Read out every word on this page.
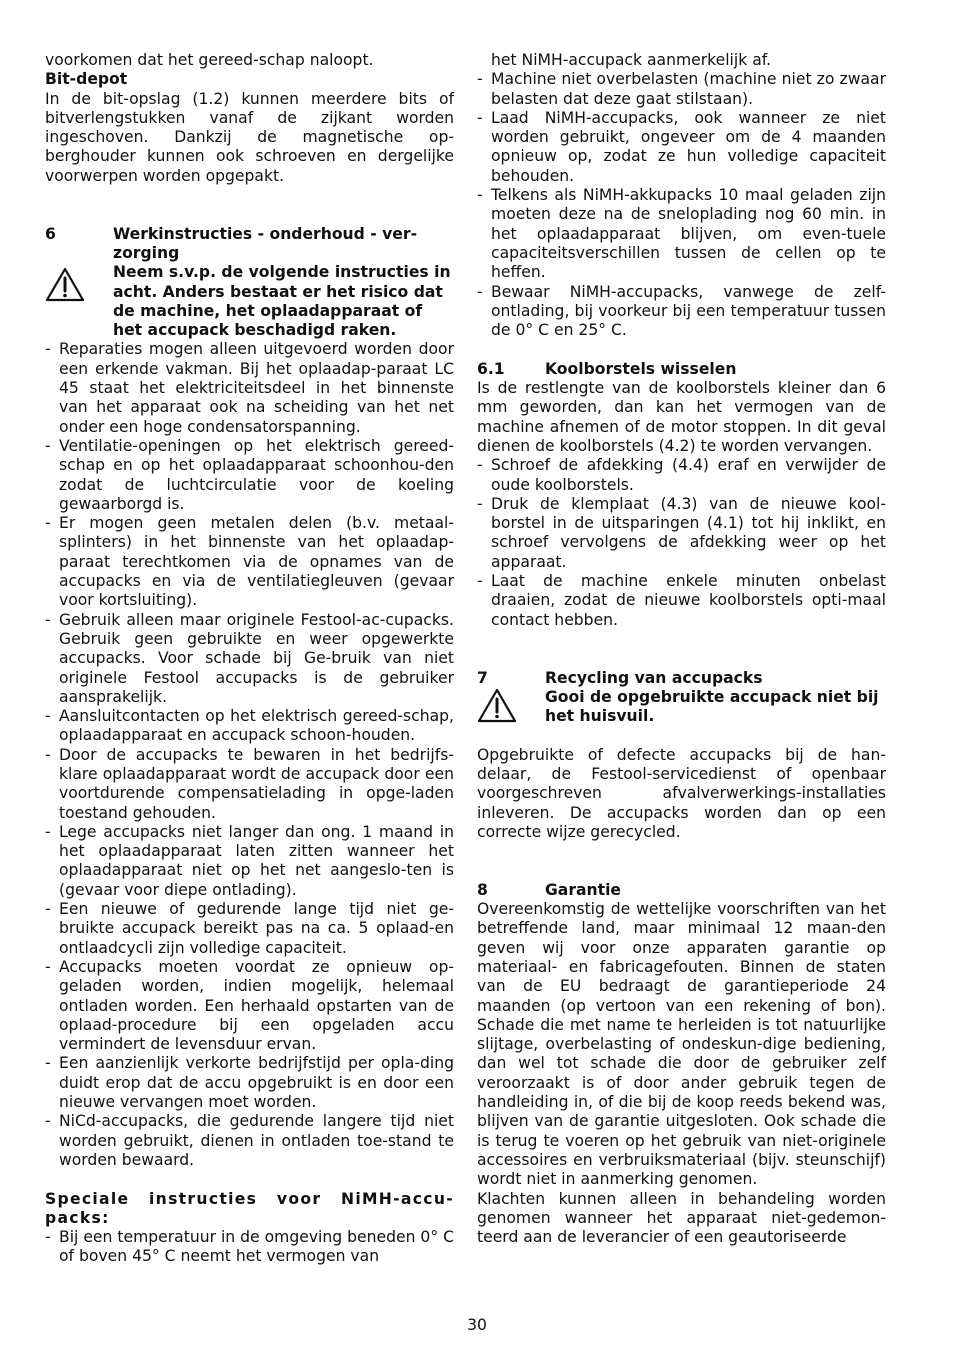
voorkomen dat het gereed-schap naloopt.

Bit-depot

In de bit-opslag (1.2) kunnen meerdere bits of bitverlengstukken vanaf de zijkant worden ingeschoven. Dankzij de magnetische op-berghouder kunnen ook schroeven en dergelijke voorwerpen worden opgepakt.

6	Werkinstructies - onderhoud - ver-zorging
Neem s.v.p. de volgende instructies in acht. Anders bestaat er het risico dat de machine, het oplaadapparaat of het accupack beschadigd raken.
- Reparaties mogen alleen uitgevoerd worden door een erkende vakman. Bij het oplaadap-paraat LC 45 staat het elektriciteitsdeel in het binnenste van het apparaat ook na scheiding van het net onder een hoge condensatorspanning.
- Ventilatie-openingen op het elektrisch gereed-schap en op het oplaadapparaat schoonhou-den zodat de luchtcirculatie voor de koeling gewaarborgd is.
- Er mogen geen metalen delen (b.v. metaal-splinters) in het binnenste van het oplaadap-paraat terechtkomen via de opnames van de accupacks en via de ventilatiegleuven (gevaar voor kortsluiting).
- Gebruik alleen maar originele Festool-ac-cupacks. Gebruik geen gebruikte en weer opgewerkte accupacks. Voor schade bij Ge-bruik van niet originele Festool accupacks is de gebruiker aansprakelijk.
- Aansluitcontacten op het elektrisch gereed-schap, oplaadapparaat en accupack schoon-houden.
- Door de accupacks te bewaren in het bedrijfs-klare oplaadapparaat wordt de accupack door een voortdurende compensatielading in opge-laden toestand gehouden.
- Lege accupacks niet langer dan ong. 1 maand in het oplaadapparaat laten zitten wanneer het oplaadapparaat niet op het net aangeslo-ten is (gevaar voor diepe ontlading).
- Een nieuwe of gedurende lange tijd niet ge-bruikte accupack bereikt pas na ca. 5 oplaad-en ontlaadcycli zijn volledige capaciteit.
- Accupacks moeten voordat ze opnieuw op-geladen worden, indien mogelijk, helemaal ontladen worden. Een herhaald opstarten van de oplaad-procedure bij een opgeladen accu vermindert de levensduur ervan.
- Een aanzienlijk verkorte bedrijfstijd per opla-ding duidt erop dat de accu opgebruikt is en door een nieuwe vervangen moet worden.
- NiCd-accupacks, die gedurende langere tijd niet worden gebruikt, dienen in ontladen toe-stand te worden bewaard.

Speciale instructies voor NiMH-accu-packs:

- Bij een temperatuur in de omgeving beneden 0° C of boven 45° C neemt het vermogen van

het NiMH-accupack aanmerkelijk af.

- Machine niet overbelasten (machine niet zo zwaar belasten dat deze gaat stilstaan).
- Laad NiMH-accupacks, ook wanneer ze niet worden gebruikt, ongeveer om de 4 maanden opnieuw op, zodat ze hun volledige capaciteit behouden.
- Telkens als NiMH-akkupacks 10 maal geladen zijn moeten deze na de sneloplading nog 60 min. in het oplaadapparaat blijven, om even-tuele capaciteitsverschillen tussen de cellen op te heffen.
- Bewaar NiMH-accupacks, vanwege de zelf-ontlading, bij voorkeur bij een temperatuur tussen de 0° C en 25° C.
6.1	Koolborstels wisselen

Is de restlengte van de koolborstels kleiner dan 6 mm geworden, dan kan het vermogen van de machine afnemen of de motor stoppen. In dit geval dienen de koolborstels (4.2) te worden vervangen.

- Schroef de afdekking (4.4) eraf en verwijder de oude koolborstels.
- Druk de klemplaat (4.3) van de nieuwe kool-borstel in de uitsparingen (4.1) tot hij inklikt, en schroef vervolgens de afdekking weer op het apparaat.
- Laat de machine enkele minuten onbelast draaien, zodat de nieuwe koolborstels opti-maal contact hebben.
7	Recycling van accupacks
Gooi de opgebruikte accupack niet bij het huisvuil.

Opgebruikte of defecte accupacks bij de han-delaar, de Festool-servicedienst of openbaar voorgeschreven afvalverwerkings-installaties inleveren. De accupacks worden dan op een correcte wijze gerecycled.

8	Garantie

Overeenkomstig de wettelijke voorschriften van het betreffende land, maar minimaal 12 maan-den geven wij voor onze apparaten garantie op materiaal- en fabricagefouten. Binnen de staten van de EU bedraagt de garantieperiode 24 maanden (op vertoon van een rekening of bon). Schade die met name te herleiden is tot natuurlijke slijtage, overbelasting of ondeskun-dige bediening, dan wel tot schade die door de gebruiker zelf veroorzaakt is of door ander gebruik tegen de handleiding in, of die bij de koop reeds bekend was, blijven van de garantie uitgesloten. Ook schade die is terug te voeren op het gebruik van niet-originele accessoires en verbruiksmateriaal (bijv. steunschijf) wordt niet in aanmerking genomen.

Klachten kunnen alleen in behandeling worden genomen wanneer het apparaat niet-gedemon-teerd aan de leverancier of een geautoriseerde

30
